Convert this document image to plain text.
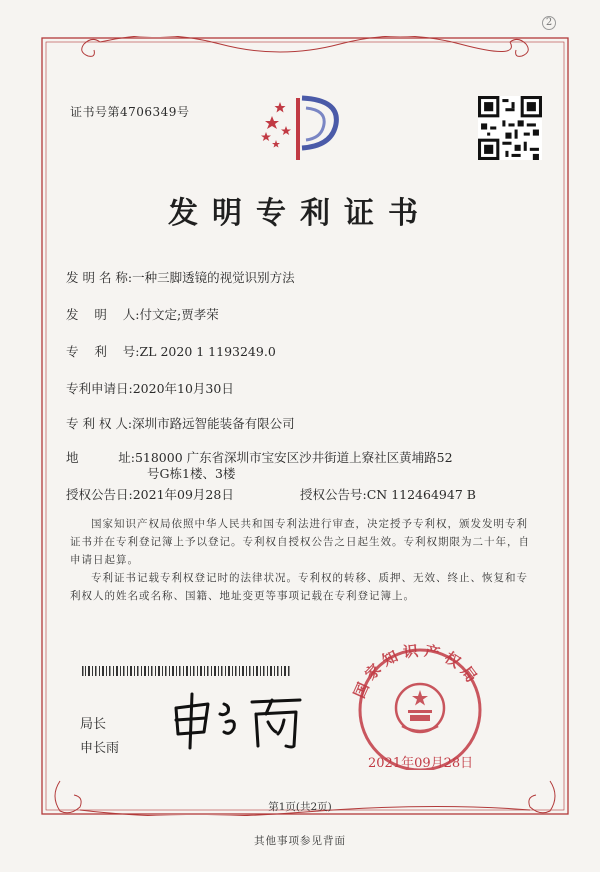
2
证书号第4706349号
发明专利证书
发 明 名 称:一种三脚透镜的视觉识别方法
发    明    人:付文定;贾孝荣
专    利    号:ZL 2020 1 1193249.0
专利申请日:2020年10月30日
专 利 权 人:深圳市路远智能装备有限公司
地          址:518000 广东省深圳市宝安区沙井街道上寮社区黄埔路52
号G栋1楼、3楼
授权公告日:2021年09月28日	授权公告号:CN 112464947 B
国家知识产权局依照中华人民共和国专利法进行审查，决定授予专利权，颁发发明专利证书并在专利登记簿上予以登记。专利权自授权公告之日起生效。专利权期限为二十年，自申请日起算。
专利证书记载专利权登记时的法律状况。专利权的转移、质押、无效、终止、恢复和专利权人的姓名或名称、国籍、地址变更等事项记载在专利登记簿上。
局长
申长雨
国家知识产权局
2021年09月28日
第1页(共2页)
其他事项参见背面
